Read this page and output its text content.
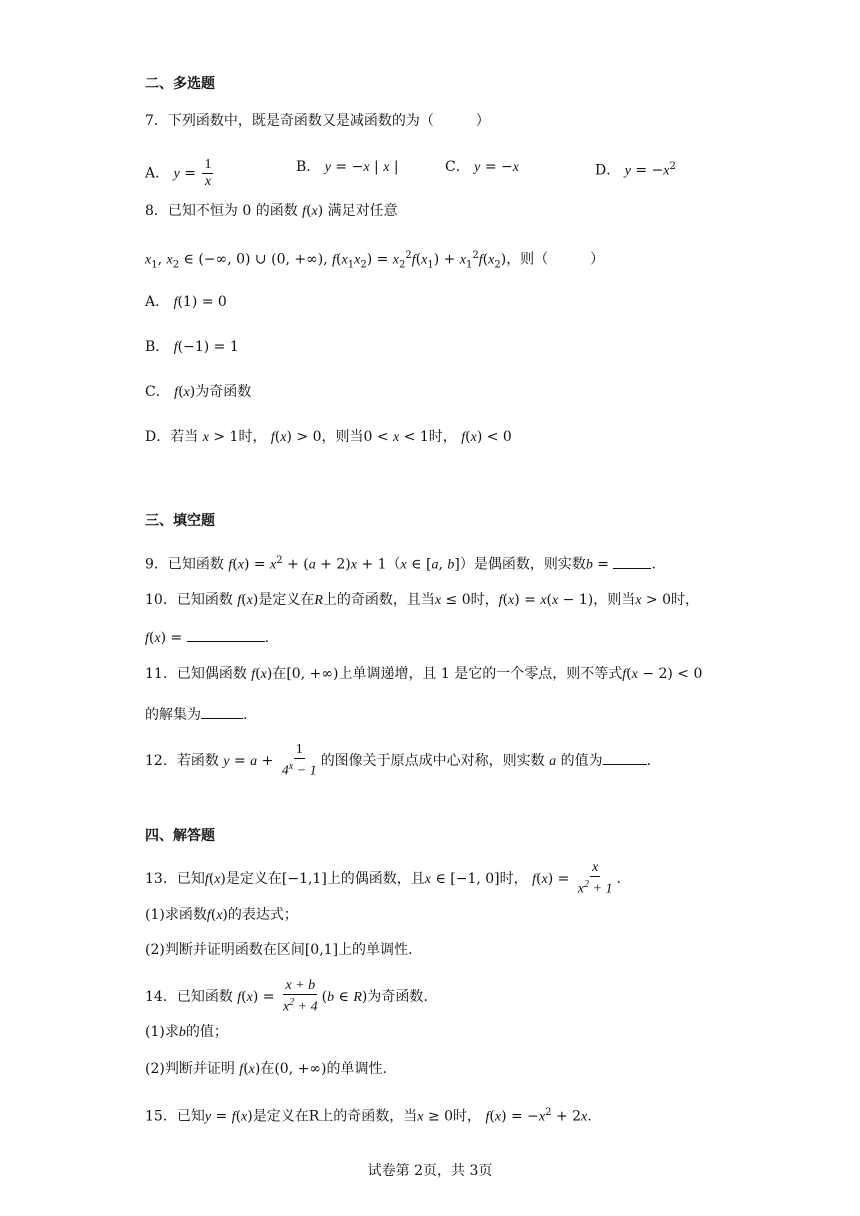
二、多选题
7．下列函数中，既是奇函数又是减函数的为（　　　）
A． $y = \frac{1}{x}$	B． y = −x | x |	C． y = −x	D． $y = -x^2$
8．已知不恒为 0 的函数 f(x) 满足对任意
$x_1$, $x_2$ ∈ (−∞, 0) ∪ (0, +∞), $f(x_1x_2) = x_2^2f(x_1) + x_1^2f(x_2)$，则（　　　）
A． f(1) = 0
B． f(−1) = 1
C． f(x)为奇函数
D．若当 x > 1时， f(x) > 0，则当0 < x < 1时， f(x) < 0
三、填空题
9．已知函数 $f(x) = x^2 + (a + 2)x + 1(x$ ∈ [a, b]）是偶函数，则实数b =	.
10．已知函数 f(x)是定义在R上的奇函数，且当x ≤ 0时，f(x) = x(x − 1)，则当x > 0时，
f(x) =	.
11．已知偶函数 f(x)在[0, +∞)上单调递增，且 1 是它的一个零点，则不等式f(x − 2) < 0
的解集为	.
12．若函数 $y = a + \frac{1}{4^x - 1}$ 的图像关于原点成中心对称，则实数 a 的值为	.
四、解答题
13．已知f(x)是定义在[−1,1]上的偶函数，且x ∈ [−1, 0]时， $f(x) = \frac{x}{x^2 + 1}$ .
(1)求函数f(x)的表达式；
(2)判断并证明函数在区间[0,1]上的单调性.
14．已知函数 $f(x) = \frac{x + b}{x^2 + 4} (b$ ∈ R)为奇函数.
(1)求b的值；
(2)判断并证明 f(x)在(0, +∞)的单调性.
15．已知y = f(x)是定义在R上的奇函数，当x ≥ 0时， $f(x) = -x^2 + 2x$.
试卷第 2页，共 3页
